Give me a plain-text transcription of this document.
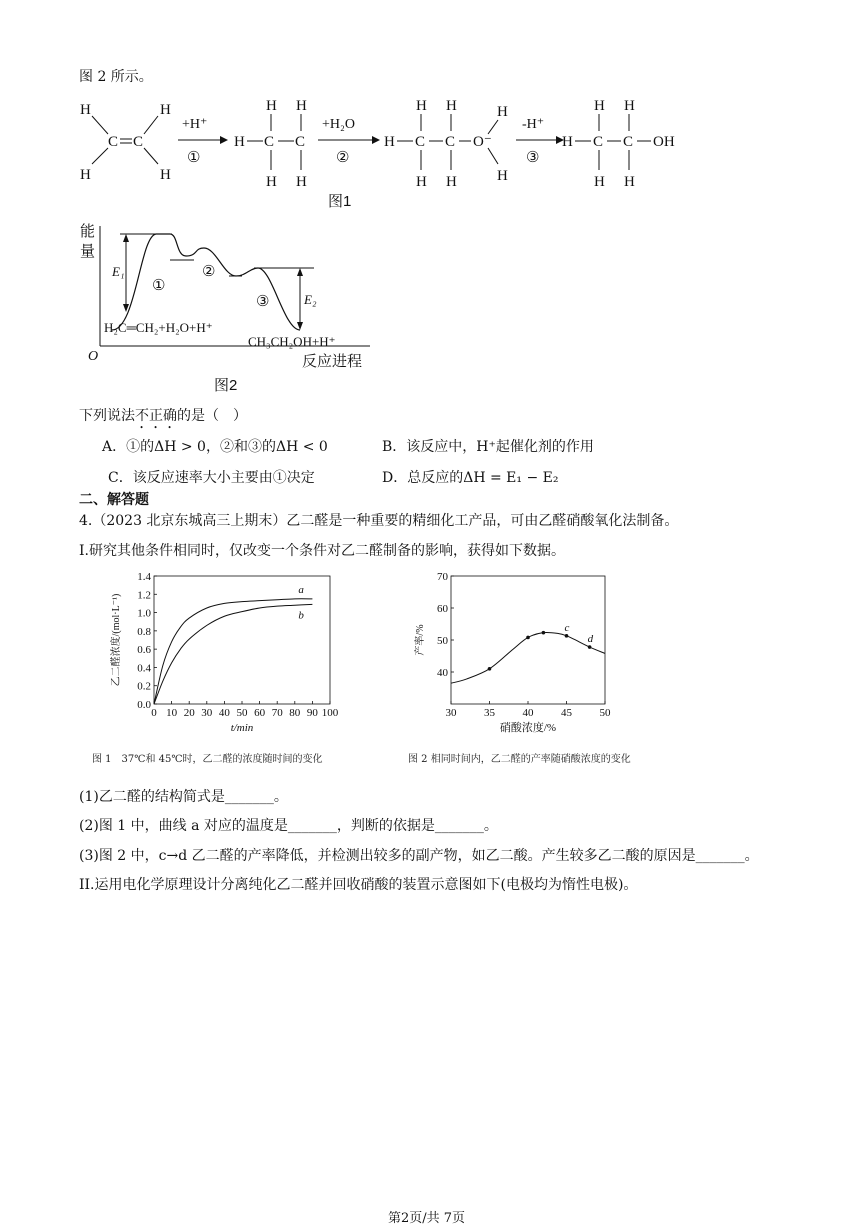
图 2 所示。
H
H
H
H
C C
+H⁺
①
H C C
H
H
H
H
+H₂O
②
H C C O⁻
H
H
H
H
H
H
-H⁺
③
H C C OH
H
H
H
H
图1
能
量
O	反应进程
E₁
E₂
①
②
③
H₂C═CH₂+H₂O+H⁺
CH₃CH₂OH+H⁺
图2
下列说法不正确的是（　）
A．①的ΔH > 0，②和③的ΔH < 0	B．该反应中，H⁺起催化剂的作用
C．该反应速率大小主要由①决定	D．总反应的ΔH = E₁ − E₂
二、解答题
4.（2023 北京东城高三上期末）乙二醛是一种重要的精细化工产品，可由乙醛硝酸氧化法制备。
I.研究其他条件相同时，仅改变一个条件对乙二醛制备的影响，获得如下数据。
0 10 20 30 40 50 60 70 80 90 100
0.0
0.2
0.4
0.6
0.8
1.0
1.2
1.4
t/min
乙二醛浓度/(mol·L⁻¹)
a
b
图 1　37℃和 45℃时，乙二醛的浓度随时间的变化
30	35	40	45	50
40
50
60
70
硝酸浓度/%
产率/%	c
d
图 2 相同时间内，乙二醛的产率随硝酸浓度的变化
(1)乙二醛的结构简式是_______。
(2)图 1 中，曲线 a 对应的温度是_______，判断的依据是_______。
(3)图 2 中，c→d 乙二醛的产率降低，并检测出较多的副产物，如乙二酸。产生较多乙二酸的原因是_______。
II.运用电化学原理设计分离纯化乙二醛并回收硝酸的装置示意图如下(电极均为惰性电极)。
第2页/共 7页
